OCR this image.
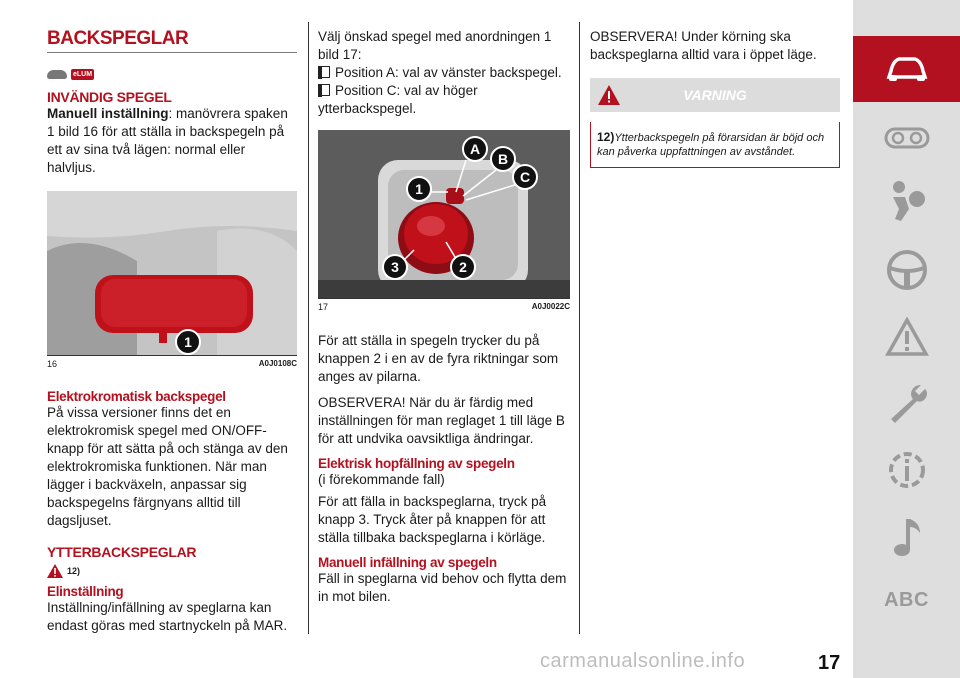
BACKSPEGLAR
eLUM
INVÄNDIG SPEGEL

Manuell inställning: manövrera spaken 1 bild 16 för att ställa in backspegeln på ett av sina två lägen: normal eller halvljus.

1
16	A0J0108C
Elektrokromatisk backspegel

På vissa versioner finns det en elektrokromisk spegel med ON/OFF-knapp för att sätta på och stänga av den elektrokromiska funktionen. När man lägger i backväxeln, anpassar sig backspegelns färgnyans alltid till dagsljuset.

YTTERBACKSPEGLAR
12)
Elinställning

Inställning/infällning av speglarna kan endast göras med startnyckeln på MAR.

Välj önskad spegel med anordningen 1 bild 17:

Position A: val av vänster backspegel.

Position C: val av höger ytterbackspegel.

A
B
C
1
2
3
17	A0J0022C

För att ställa in spegeln trycker du på knappen 2 i en av de fyra riktningar som anges av pilarna.

OBSERVERA! När du är färdig med inställningen för man reglaget 1 till läge B för att undvika oavsiktliga ändringar.

Elektrisk hopfällning av spegeln

(i förekommande fall)

För att fälla in backspeglarna, tryck på knapp 3. Tryck åter på knappen för att ställa tillbaka backspeglarna i körläge.

Manuell infällning av spegeln

Fäll in speglarna vid behov och flytta dem in mot bilen.

OBSERVERA! Under körning ska backspeglarna alltid vara i öppet läge.

VARNING

12)Ytterbackspegeln på förarsidan är böjd och kan påverka uppfattningen av avståndet.

ABC
carmanualsonline.info	17
